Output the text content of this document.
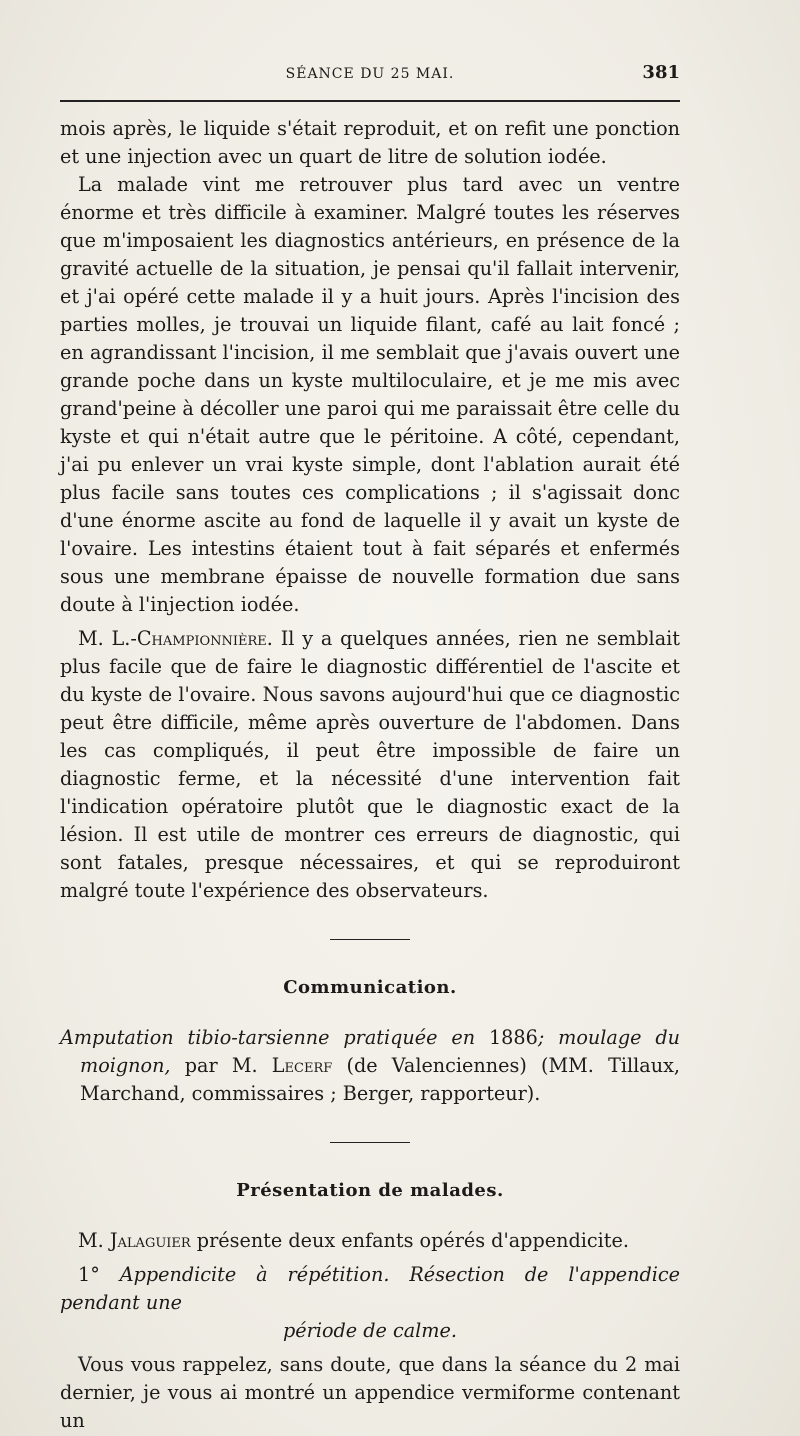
SÉANCE DU 25 MAI.	381

mois après, le liquide s'était reproduit, et on refit une ponction et une injection avec un quart de litre de solution iodée.

La malade vint me retrouver plus tard avec un ventre énorme et très difficile à examiner. Malgré toutes les réserves que m'imposaient les diagnostics antérieurs, en présence de la gravité actuelle de la situation, je pensai qu'il fallait intervenir, et j'ai opéré cette malade il y a huit jours. Après l'incision des parties molles, je trouvai un liquide filant, café au lait foncé ; en agrandissant l'incision, il me semblait que j'avais ouvert une grande poche dans un kyste multiloculaire, et je me mis avec grand'peine à décoller une paroi qui me paraissait être celle du kyste et qui n'était autre que le péritoine. A côté, cependant, j'ai pu enlever un vrai kyste simple, dont l'ablation aurait été plus facile sans toutes ces complications ; il s'agissait donc d'une énorme ascite au fond de laquelle il y avait un kyste de l'ovaire. Les intestins étaient tout à fait séparés et enfermés sous une membrane épaisse de nouvelle formation due sans doute à l'injection iodée.

M. L.-Championnière. Il y a quelques années, rien ne semblait plus facile que de faire le diagnostic différentiel de l'ascite et du kyste de l'ovaire. Nous savons aujourd'hui que ce diagnostic peut être difficile, même après ouverture de l'abdomen. Dans les cas compliqués, il peut être impossible de faire un diagnostic ferme, et la nécessité d'une intervention fait l'indication opératoire plutôt que le diagnostic exact de la lésion. Il est utile de montrer ces erreurs de diagnostic, qui sont fatales, presque nécessaires, et qui se reproduiront malgré toute l'expérience des observateurs.

Communication.

Amputation tibio-tarsienne pratiquée en 1886; moulage du moignon, par M. Lecerf (de Valenciennes) (MM. Tillaux, Marchand, commissaires ; Berger, rapporteur).

Présentation de malades.

M. Jalaguier présente deux enfants opérés d'appendicite.

1° Appendicite à répétition. Résection de l'appendice pendant une

période de calme.

Vous vous rappelez, sans doute, que dans la séance du 2 mai dernier, je vous ai montré un appendice vermiforme contenant un
